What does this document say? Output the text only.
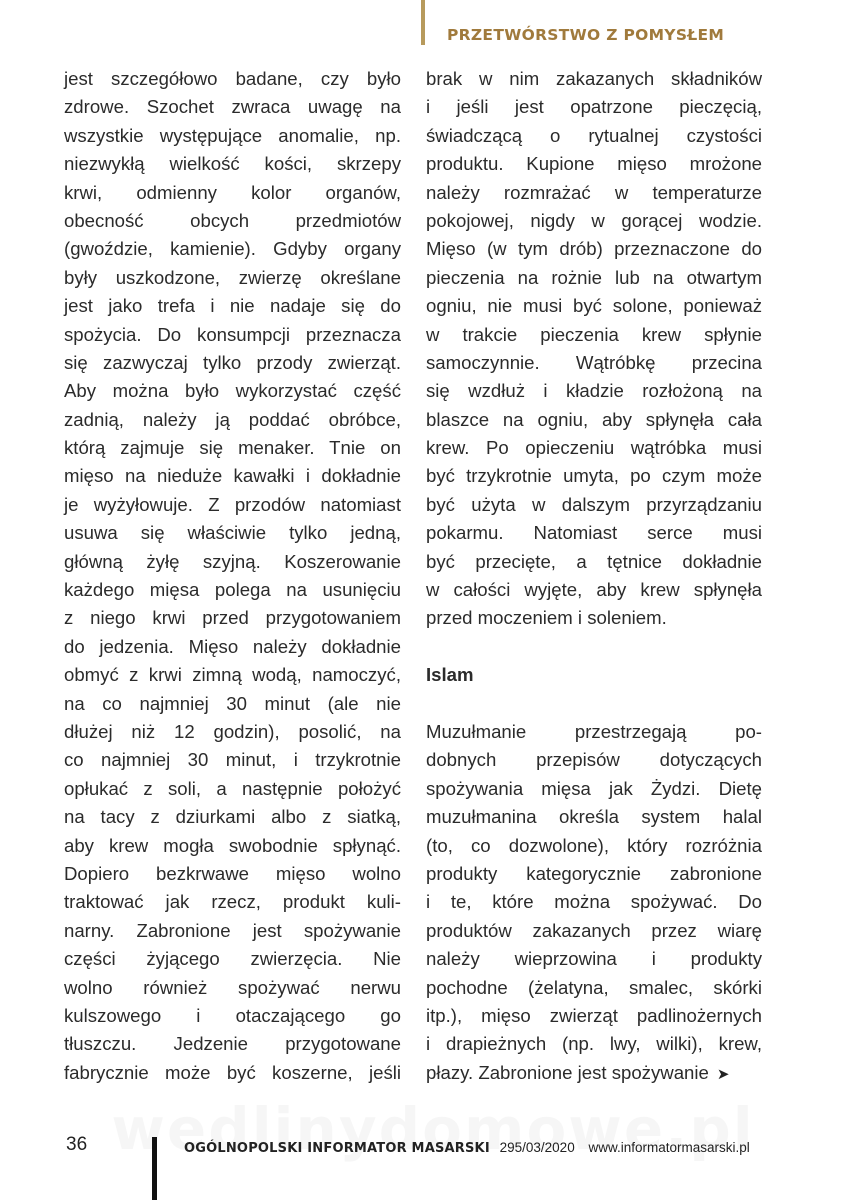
PRZETWÓRSTWO Z POMYSŁEM
jest szczegółowo badane, czy było
zdrowe. Szochet zwraca uwagę na
wszystkie występujące anomalie, np.
niezwykłą wielkość kości, skrzepy
krwi, odmienny kolor organów,
obecność obcych przedmiotów
(gwoździe, kamienie). Gdyby organy
były uszkodzone, zwierzę określane
jest jako trefa i nie nadaje się do
spożycia. Do konsumpcji przeznacza
się zazwyczaj tylko przody zwierząt.
Aby można było wykorzystać część
zadnią, należy ją poddać obróbce,
którą zajmuje się menaker. Tnie on
mięso na nieduże kawałki i dokładnie
je wyżyłowuje. Z przodów natomiast
usuwa się właściwie tylko jedną,
główną żyłę szyjną. Koszerowanie
każdego mięsa polega na usunięciu
z niego krwi przed przygotowaniem
do jedzenia. Mięso należy dokładnie
obmyć z krwi zimną wodą, namoczyć,
na co najmniej 30 minut (ale nie
dłużej niż 12 godzin), posolić, na
co najmniej 30 minut, i trzykrotnie
opłukać z soli, a następnie położyć
na tacy z dziurkami albo z siatką,
aby krew mogła swobodnie spłynąć.
Dopiero bezkrwawe mięso wolno
traktować jak rzecz, produkt kuli-
narny. Zabronione jest spożywanie
części żyjącego zwierzęcia. Nie
wolno również spożywać nerwu
kulszowego i otaczającego go
tłuszczu. Jedzenie przygotowane
fabrycznie może być koszerne, jeśli
brak w nim zakazanych składników
i jeśli jest opatrzone pieczęcią,
świadczącą o rytualnej czystości
produktu. Kupione mięso mrożone
należy rozmrażać w temperaturze
pokojowej, nigdy w gorącej wodzie.
Mięso (w tym drób) przeznaczone do
pieczenia na rożnie lub na otwartym
ogniu, nie musi być solone, ponieważ
w trakcie pieczenia krew spłynie
samoczynnie. Wątróbkę przecina
się wzdłuż i kładzie rozłożoną na
blaszce na ogniu, aby spłynęła cała
krew. Po opieczeniu wątróbka musi
być trzykrotnie umyta, po czym może
być użyta w dalszym przyrządzaniu
pokarmu. Natomiast serce musi
być przecięte, a tętnice dokładnie
w całości wyjęte, aby krew spłynęła
przed moczeniem i soleniem.
Islam
Muzułmanie przestrzegają po-
dobnych przepisów dotyczących
spożywania mięsa jak Żydzi. Dietę
muzułmanina określa system halal
(to, co dozwolone), który rozróżnia
produkty kategorycznie zabronione
i te, które można spożywać. Do
produktów zakazanych przez wiarę
należy wieprzowina i produkty
pochodne (żelatyna, smalec, skórki
itp.), mięso zwierząt padlinożernych
i drapieżnych (np. lwy, wilki), krew,
płazy. Zabronione jest spożywanie ➤
36	OGÓLNOPOLSKI INFORMATOR MASARSKI 295/03/2020 www.informatormasarski.pl
